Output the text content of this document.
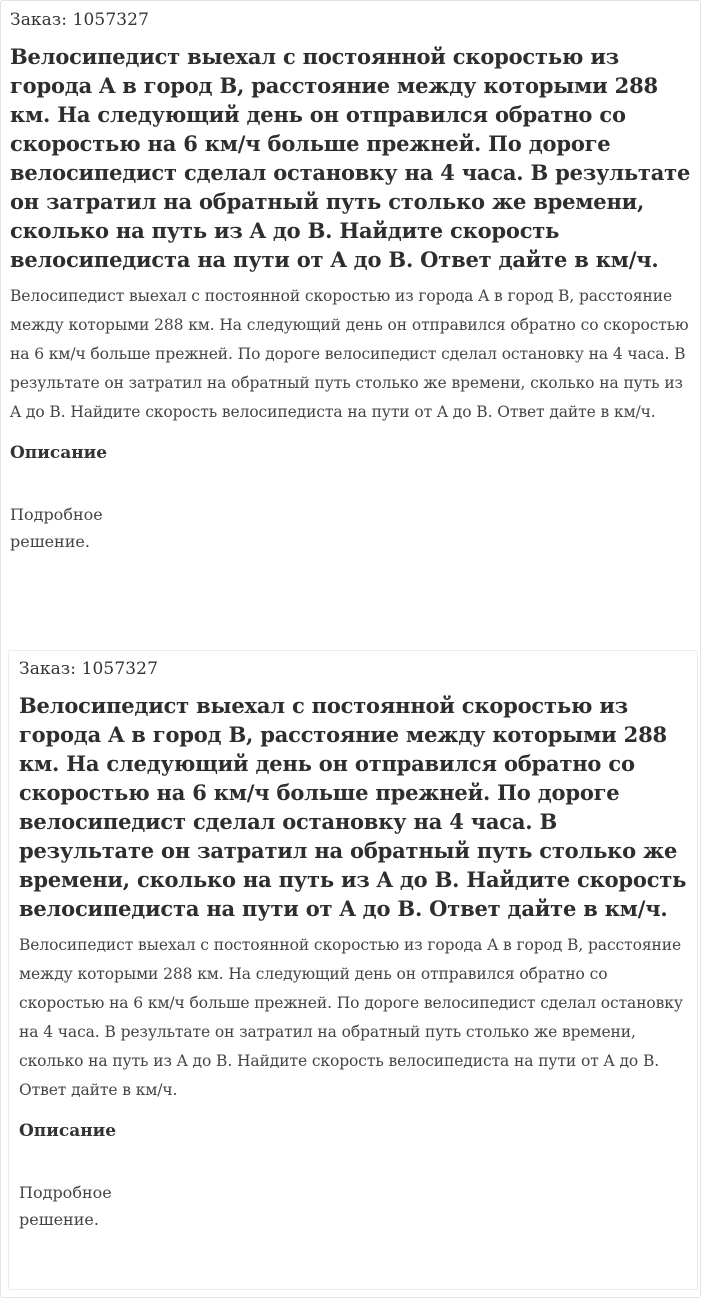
Заказ: 1057327
Велосипедист выехал с постоянной скоростью из города A в город B, расстояние между которыми 288 км. На следующий день он отправился обратно со скоростью на 6 км/ч больше прежней. По дороге велосипедист сделал остановку на 4 часа. В результате он затратил на обратный путь столько же времени, сколько на путь из A до B. Найдите скорость велосипедиста на пути от A до B. Ответ дайте в км/ч.
Велосипедист выехал с постоянной скоростью из города A в город B, расстояние между которыми 288 км. На следующий день он отправился обратно со скоростью на 6 км/ч больше прежней. По дороге велосипедист сделал остановку на 4 часа. В результате он затратил на обратный путь столько же времени, сколько на путь из A до B. Найдите скорость велосипедиста на пути от A до B. Ответ дайте в км/ч.
Описание
Подробное решение.
Заказ: 1057327
Велосипедист выехал с постоянной скоростью из города A в город B, расстояние между которыми 288 км. На следующий день он отправился обратно со скоростью на 6 км/ч больше прежней. По дороге велосипедист сделал остановку на 4 часа. В результате он затратил на обратный путь столько же времени, сколько на путь из A до B. Найдите скорость велосипедиста на пути от A до B. Ответ дайте в км/ч.
Велосипедист выехал с постоянной скоростью из города A в город B, расстояние между которыми 288 км. На следующий день он отправился обратно со скоростью на 6 км/ч больше прежней. По дороге велосипедист сделал остановку на 4 часа. В результате он затратил на обратный путь столько же времени, сколько на путь из A до B. Найдите скорость велосипедиста на пути от A до B. Ответ дайте в км/ч.
Описание
Подробное решение.
